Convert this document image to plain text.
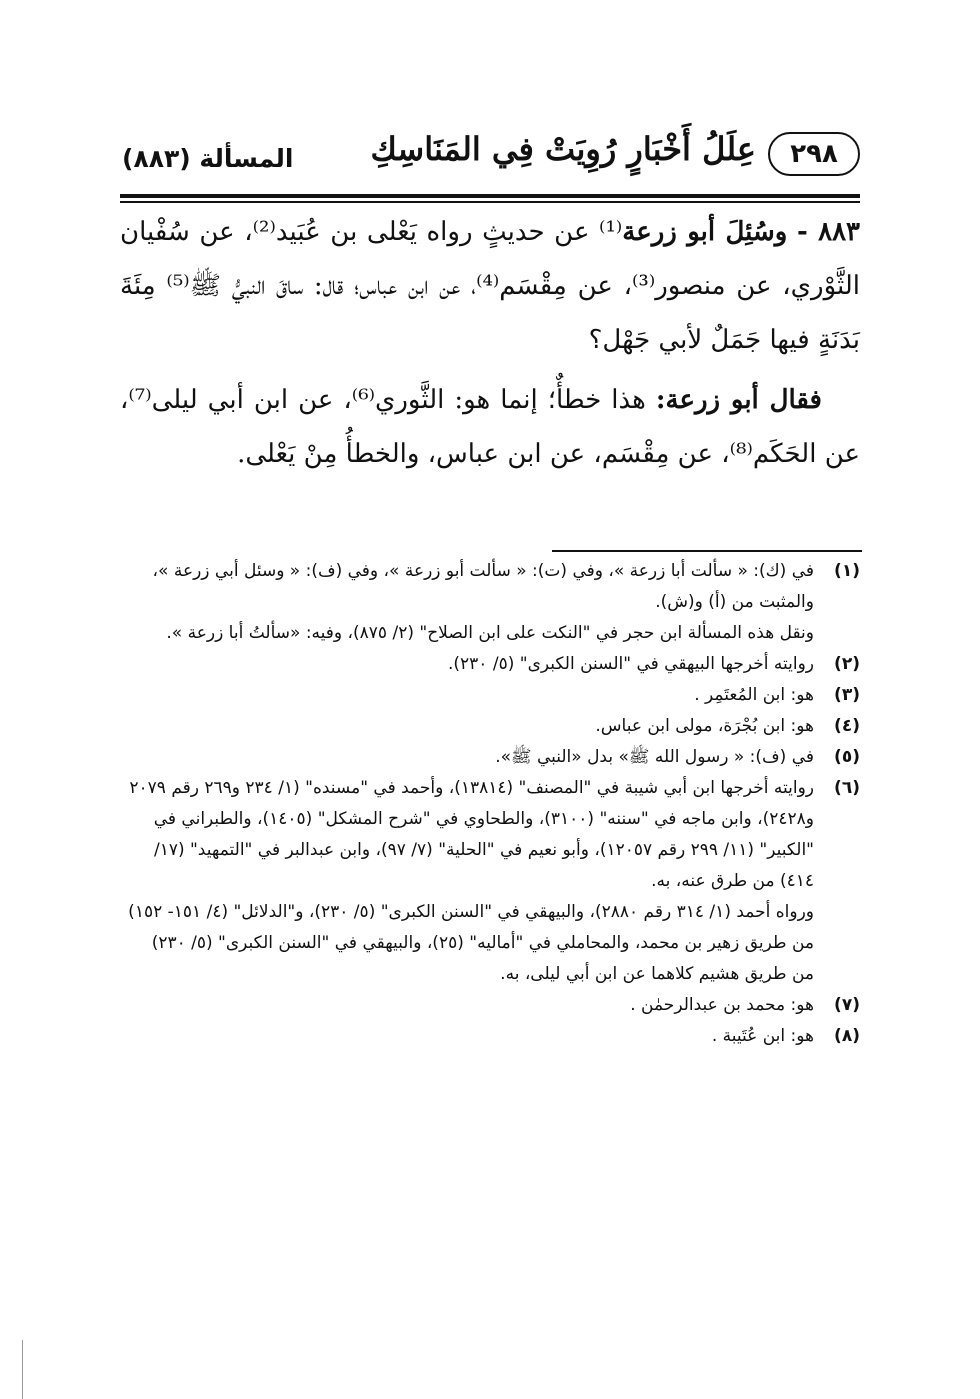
٢٩٨
عِلَلُ أَخْبَارٍ رُوِيَتْ فِي المَنَاسِكِ
المسألة (٨٨٣)

٨٨٣ - وسُئِلَ أبو زرعة⁽¹⁾ عن حديثٍ رواه يَعْلى بن عُبَيد⁽²⁾، عن سُفْيان الثَّوْري، عن منصور⁽³⁾، عن مِقْسَم⁽⁴⁾، عن ابن عباس؛ قال: ساقَ النبيُّ ﷺ⁽⁵⁾ مِئَةَ بَدَنَةٍ فيها جَمَلٌ لأبي جَهْل؟

فقال أبو زرعة: هذا خطأٌ؛ إنما هو: الثَّوري⁽⁶⁾، عن ابن أبي ليلى⁽⁷⁾، عن الحَكَم⁽⁸⁾، عن مِقْسَم، عن ابن عباس، والخطأُ مِنْ يَعْلى.

(١)

في (ك): « سألت أبا زرعة »، وفي (ت): « سألت أبو زرعة »، وفي (ف): « وسئل أبي زرعة »، والمثبت من (أ) و(ش).

ونقل هذه المسألة ابن حجر في "النكت على ابن الصلاح" (٢/ ٨٧٥)، وفيه: «سألتُ أبا زرعة ».

(٢)

روايته أخرجها البيهقي في "السنن الكبرى" (٥/ ٢٣٠).

(٣)

هو: ابن المُعتَمِر .

(٤)

هو: ابن بُجْرَة، مولى ابن عباس.

(٥)

في (ف): « رسول الله ﷺ» بدل «النبي ﷺ».

(٦)

روايته أخرجها ابن أبي شيبة في "المصنف" (١٣٨١٤)، وأحمد في "مسنده" (١/ ٢٣٤ و٢٦٩ رقم ٢٠٧٩ و٢٤٢٨)، وابن ماجه في "سننه" (٣١٠٠)، والطحاوي في "شرح المشكل" (١٤٠٥)، والطبراني في "الكبير" (١١/ ٢٩٩ رقم ١٢٠٥٧)، وأبو نعيم في "الحلية" (٧/ ٩٧)، وابن عبدالبر في "التمهيد" (١٧/ ٤١٤) من طرق عنه، به.

ورواه أحمد (١/ ٣١٤ رقم ٢٨٨٠)، والبيهقي في "السنن الكبرى" (٥/ ٢٣٠)، و"الدلائل" (٤/ ١٥١- ١٥٢) من طريق زهير بن محمد، والمحاملي في "أماليه" (٢٥)، والبيهقي في "السنن الكبرى" (٥/ ٢٣٠) من طريق هشيم كلاهما عن ابن أبي ليلى، به.

(٧)

هو: محمد بن عبدالرحمٰن .

(٨)

هو: ابن عُتَيبة .
